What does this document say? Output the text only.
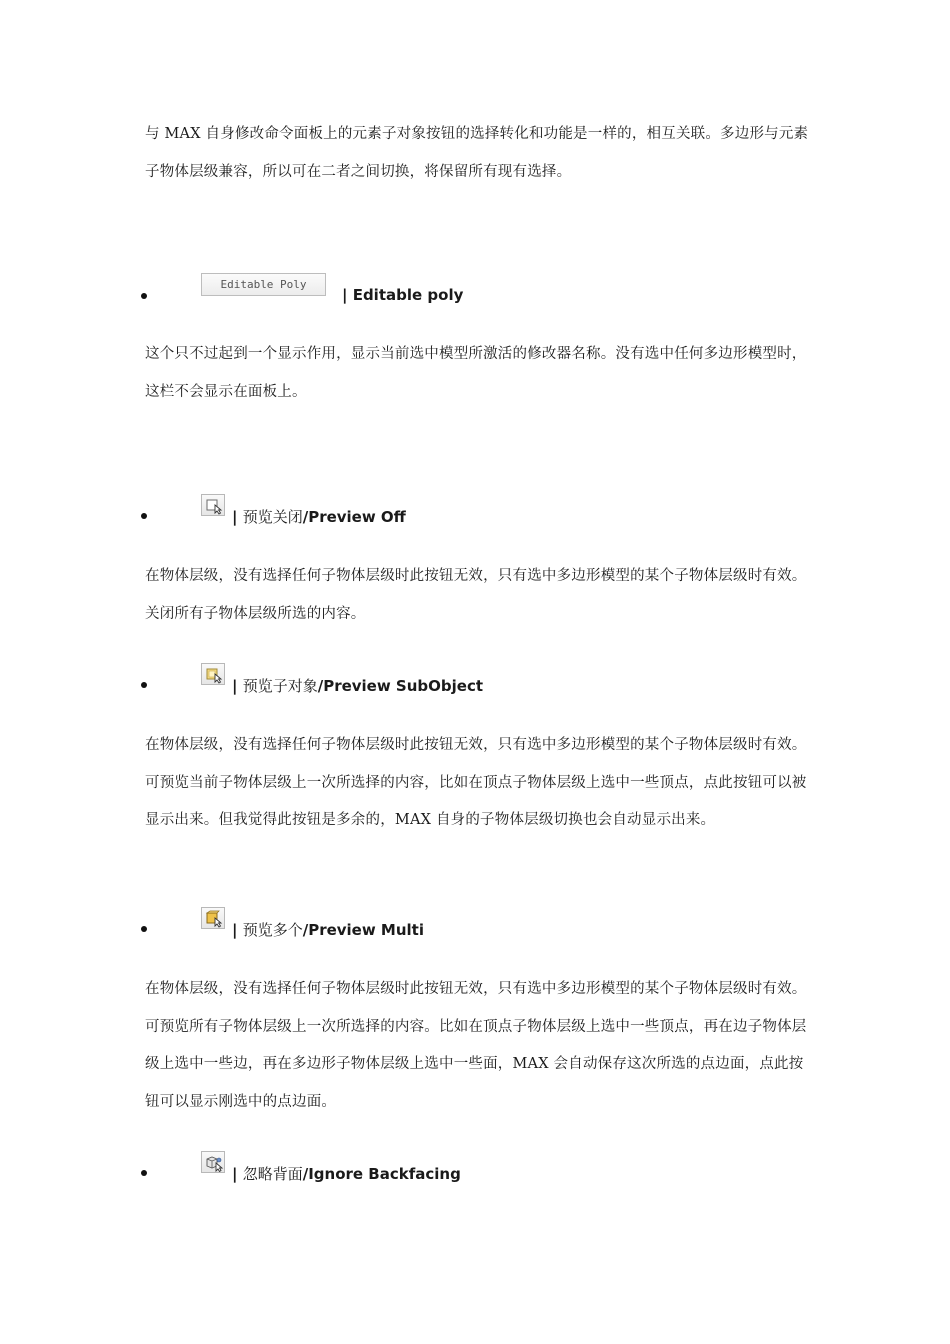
与 MAX 自身修改命令面板上的元素子对象按钮的选择转化和功能是一样的，相互关联。多边形与元素子物体层级兼容，所以可在二者之间切换，将保留所有现有选择。

Editable Poly
| Editable poly

这个只不过起到一个显示作用，显示当前选中模型所激活的修改器名称。没有选中任何多边形模型时，这栏不会显示在面板上。

| 预览关闭/Preview Off

在物体层级，没有选择任何子物体层级时此按钮无效，只有选中多边形模型的某个子物体层级时有效。关闭所有子物体层级所选的内容。

| 预览子对象/Preview SubObject

在物体层级，没有选择任何子物体层级时此按钮无效，只有选中多边形模型的某个子物体层级时有效。可预览当前子物体层级上一次所选择的内容，比如在顶点子物体层级上选中一些顶点，点此按钮可以被显示出来。但我觉得此按钮是多余的，MAX 自身的子物体层级切换也会自动显示出来。

| 预览多个/Preview Multi

在物体层级，没有选择任何子物体层级时此按钮无效，只有选中多边形模型的某个子物体层级时有效。可预览所有子物体层级上一次所选择的内容。比如在顶点子物体层级上选中一些顶点，再在边子物体层级上选中一些边，再在多边形子物体层级上选中一些面，MAX 会自动保存这次所选的点边面，点此按钮可以显示刚选中的点边面。

| 忽略背面/Ignore Backfacing
